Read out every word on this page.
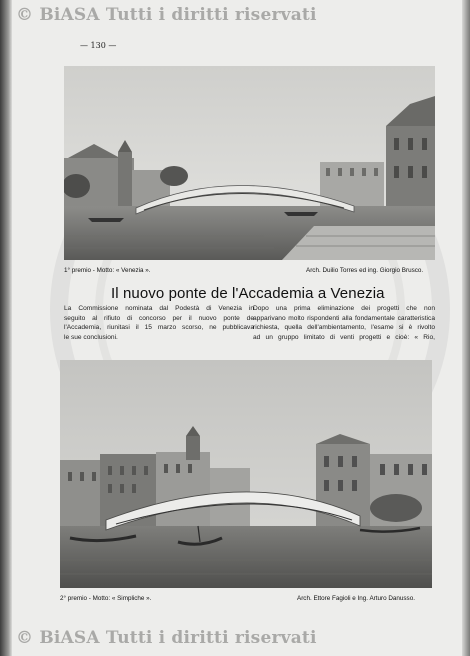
© BiASA Tutti i diritti riservati
— 130 —
1° premio - Motto: « Venezia ».	Arch. Duilio Torres ed ing. Giorgio Brusco.
Il nuovo ponte de l'Accademia a Venezia
La Commissione nominata dal Podestà di Venezia in
seguito al rifiuto di concorso per il nuovo ponte de
l'Accademia, riunitasi il 15 marzo scorso, ne pubblicava
le sue conclusioni.
Dopo una prima eliminazione dei progetti che non
apparivano molto rispondenti alla fondamentale caratteristica
richiesta, quella dell'ambientamento, l'esame si è rivolto
ad un gruppo limitato di venti progetti e cioè: « Rio,
2° premio - Motto: « Simpliche ».	Arch. Ettore Fagioli e Ing. Arturo Danusso.
© BiASA Tutti i diritti riservati
